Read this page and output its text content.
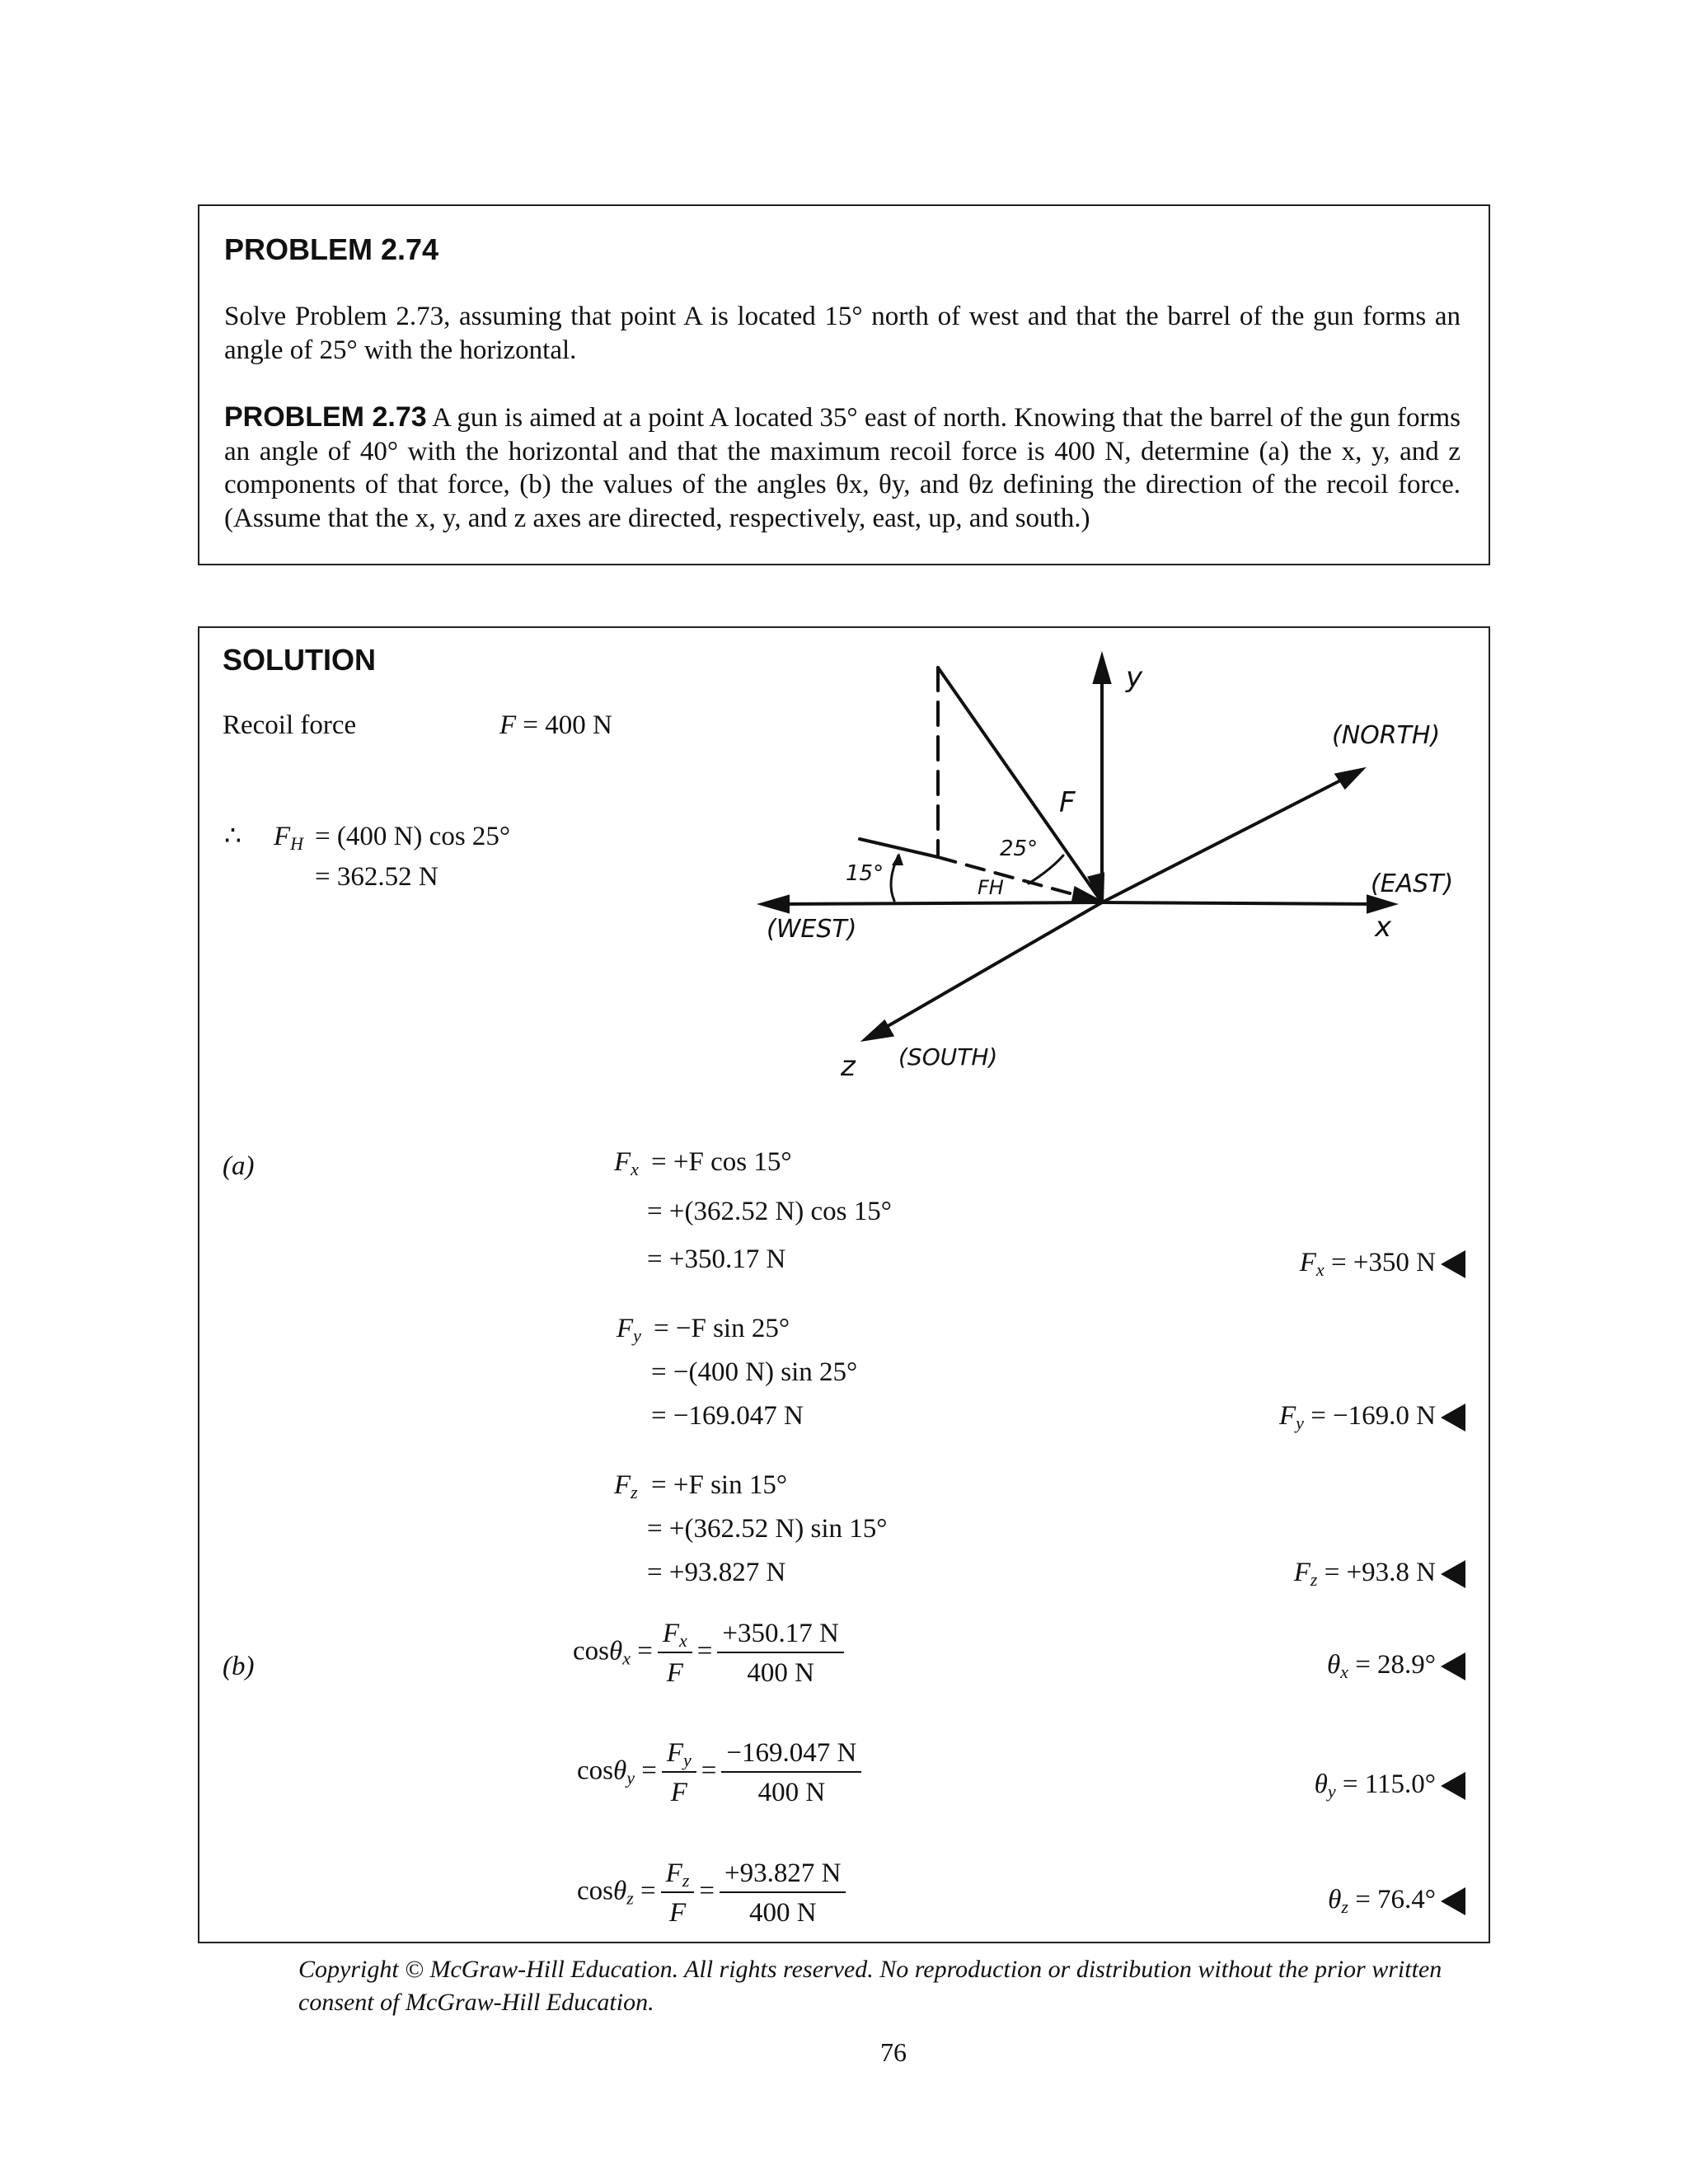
PROBLEM 2.74
Solve Problem 2.73, assuming that point A is located 15° north of west and that the barrel of the gun forms an angle of 25° with the horizontal.
PROBLEM 2.73 A gun is aimed at a point A located 35° east of north. Knowing that the barrel of the gun forms an angle of 40° with the horizontal and that the maximum recoil force is 400 N, determine (a) the x, y, and z components of that force, (b) the values of the angles θx, θy, and θz defining the direction of the recoil force. (Assume that the x, y, and z axes are directed, respectively, east, up, and south.)
SOLUTION
Recoil force	F = 400 N
∴ $F_H = (400$ N) cos 25°
= 362.52 N
y
(NORTH)
(EAST)
x
(WEST)
z (SOUTH)
F
FH
15°
25°
(a)	$F_x = +F$ cos 15°
= +(362.52 N) cos 15°
= +350.17 N
$F_y = -F$ sin 25°
= −(400 N) sin 25°
= −169.047 N
$F_z = +F$ sin 15°
= +(362.52 N) sin 15°
= +93.827 N
$F_x = +350$ N
$F_y = -169.0$ N
$F_z = +93.8$ N
(b)
$\cos\theta_x = \frac{F_x}{F} = \frac{+350.17 N}{400 N}$
$\cos\theta_y = \frac{F_y}{F} = \frac{-169.047 N}{400 N}$
$\cos\theta_z = \frac{F_z}{F} = \frac{+93.827 N}{400 N}$
$\theta_x = 28.9^\circ$
$\theta_y = 115.0^\circ$
$\theta_z = 76.4^\circ$
Copyright © McGraw-Hill Education. All rights reserved. No reproduction or distribution without the prior written consent of McGraw-Hill Education.
76
